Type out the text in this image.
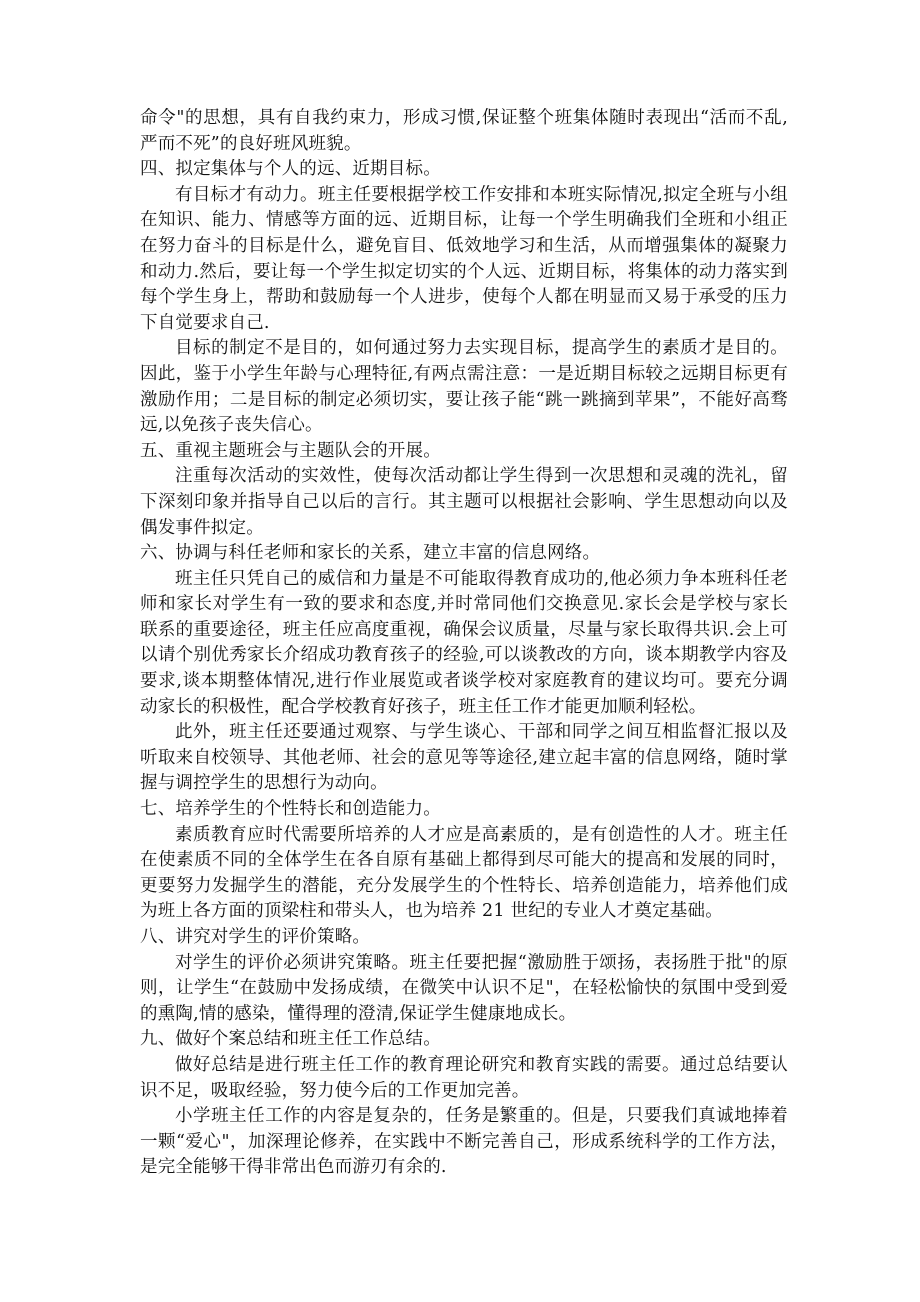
命令"的思想，具有自我约束力，形成习惯,保证整个班集体随时表现出“活而不乱,严而不死”的良好班风班貌。

四、拟定集体与个人的远、近期目标。

有目标才有动力。班主任要根据学校工作安排和本班实际情况,拟定全班与小组在知识、能力、情感等方面的远、近期目标，让每一个学生明确我们全班和小组正在努力奋斗的目标是什么，避免盲目、低效地学习和生活，从而增强集体的凝聚力和动力.然后，要让每一个学生拟定切实的个人远、近期目标，将集体的动力落实到每个学生身上，帮助和鼓励每一个人进步，使每个人都在明显而又易于承受的压力下自觉要求自己.

目标的制定不是目的，如何通过努力去实现目标，提高学生的素质才是目的。因此，鉴于小学生年龄与心理特征,有两点需注意：一是近期目标较之远期目标更有激励作用；二是目标的制定必须切实，要让孩子能“跳一跳摘到苹果”，不能好高骛远,以免孩子丧失信心。

五、重视主题班会与主题队会的开展。

注重每次活动的实效性，使每次活动都让学生得到一次思想和灵魂的洗礼，留下深刻印象并指导自己以后的言行。其主题可以根据社会影响、学生思想动向以及偶发事件拟定。

六、协调与科任老师和家长的关系，建立丰富的信息网络。

班主任只凭自己的威信和力量是不可能取得教育成功的,他必须力争本班科任老师和家长对学生有一致的要求和态度,并时常同他们交换意见.家长会是学校与家长联系的重要途径，班主任应高度重视，确保会议质量，尽量与家长取得共识.会上可以请个别优秀家长介绍成功教育孩子的经验,可以谈教改的方向，谈本期教学内容及要求,谈本期整体情况,进行作业展览或者谈学校对家庭教育的建议均可。要充分调动家长的积极性，配合学校教育好孩子，班主任工作才能更加顺利轻松。

此外，班主任还要通过观察、与学生谈心、干部和同学之间互相监督汇报以及听取来自校领导、其他老师、社会的意见等等途径,建立起丰富的信息网络，随时掌握与调控学生的思想行为动向。

七、培养学生的个性特长和创造能力。

素质教育应时代需要所培养的人才应是高素质的，是有创造性的人才。班主任在使素质不同的全体学生在各自原有基础上都得到尽可能大的提高和发展的同时，更要努力发掘学生的潜能，充分发展学生的个性特长、培养创造能力，培养他们成为班上各方面的顶梁柱和带头人，也为培养 21 世纪的专业人才奠定基础。

八、讲究对学生的评价策略。

对学生的评价必须讲究策略。班主任要把握“激励胜于颂扬，表扬胜于批"的原则，让学生“在鼓励中发扬成绩，在微笑中认识不足"，在轻松愉快的氛围中受到爱的熏陶,情的感染，懂得理的澄清,保证学生健康地成长。

九、做好个案总结和班主任工作总结。

做好总结是进行班主任工作的教育理论研究和教育实践的需要。通过总结要认识不足，吸取经验，努力使今后的工作更加完善。

小学班主任工作的内容是复杂的，任务是繁重的。但是，只要我们真诚地捧着一颗“爱心"，加深理论修养，在实践中不断完善自己，形成系统科学的工作方法，是完全能够干得非常出色而游刃有余的.
